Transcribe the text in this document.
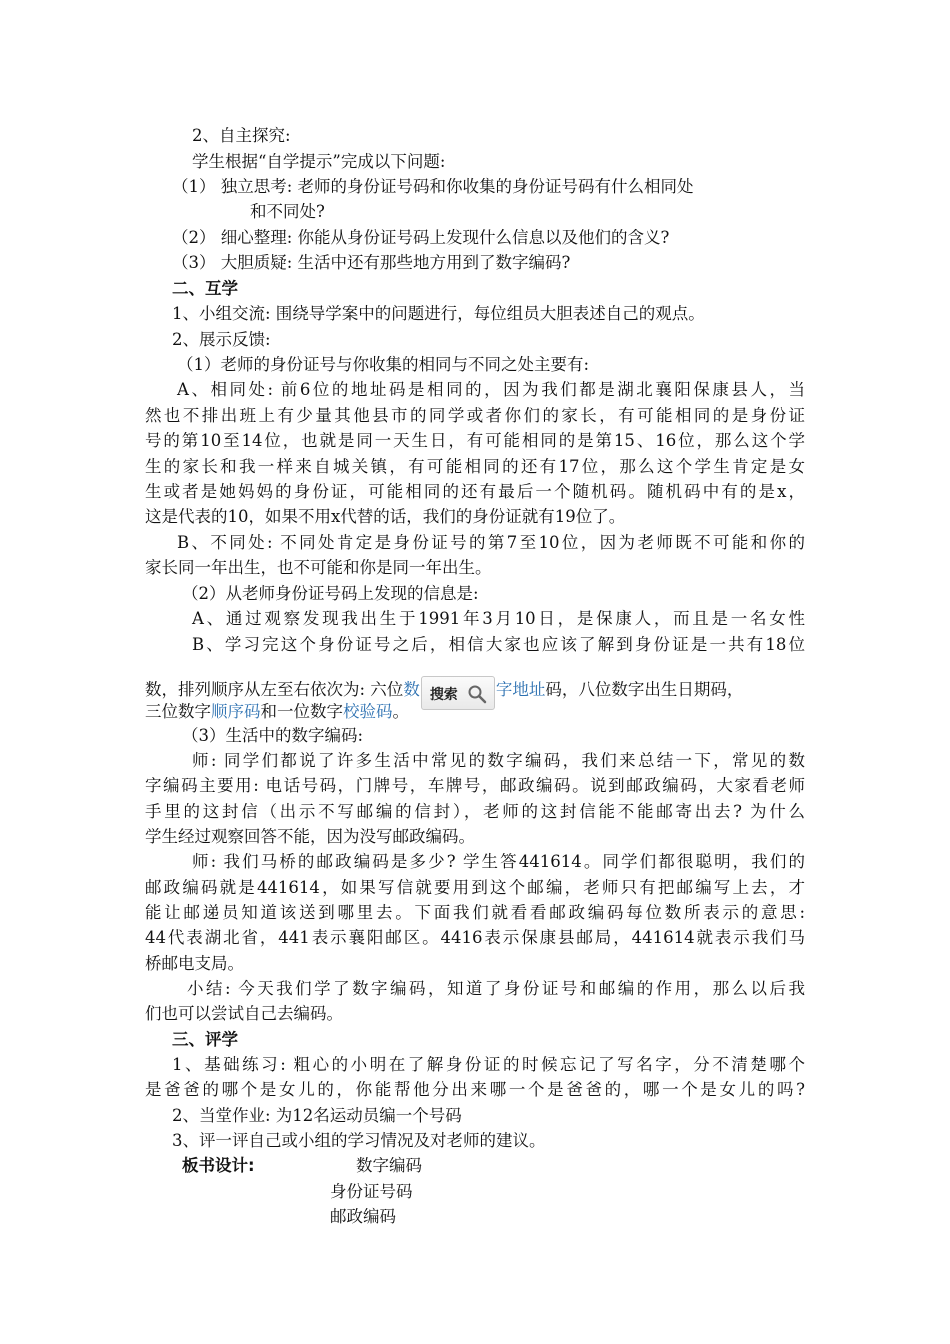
2、自主探究:
学生根据“自学提示”完成以下问题:
（1） 独立思考: 老师的身份证号码和你收集的身份证号码有什么相同处
和不同处?
（2） 细心整理: 你能从身份证号码上发现什么信息以及他们的含义?
（3） 大胆质疑: 生活中还有那些地方用到了数字编码?
二、互学
1、小组交流: 围绕导学案中的问题进行，每位组员大胆表述自己的观点。
2、展示反馈:
（1）老师的身份证号与你收集的相同与不同之处主要有:
A、相同处: 前6位的地址码是相同的，因为我们都是湖北襄阳保康县人，当
然也不排出班上有少量其他县市的同学或者你们的家长，有可能相同的是身份证
号的第10至14位，也就是同一天生日，有可能相同的是第15、16位，那么这个学
生的家长和我一样来自城关镇，有可能相同的还有17位，那么这个学生肯定是女
生或者是她妈妈的身份证，可能相同的还有最后一个随机码。随机码中有的是x，
这是代表的10，如果不用x代替的话，我们的身份证就有19位了。
B、不同处: 不同处肯定是身份证号的第7至10位，因为老师既不可能和你的
家长同一年出生，也不可能和你是同一年出生。
（2）从老师身份证号码上发现的信息是:
A、通过观察发现我出生于1991年3月10日，是保康人，而且是一名女性
B、学习完这个身份证号之后，相信大家也应该了解到身份证是一共有18位
数，排列顺序从左至右依次为: 六位数 搜索 字地址码，八位数字出生日期码，
三位数字顺序码和一位数字校验码。
（3）生活中的数字编码:
师: 同学们都说了许多生活中常见的数字编码，我们来总结一下，常见的数
字编码主要用: 电话号码，门牌号，车牌号，邮政编码。说到邮政编码，大家看老师
手里的这封信（出示不写邮编的信封），老师的这封信能不能邮寄出去? 为什么
学生经过观察回答不能，因为没写邮政编码。
师: 我们马桥的邮政编码是多少? 学生答441614。同学们都很聪明，我们的
邮政编码就是441614，如果写信就要用到这个邮编，老师只有把邮编写上去，才
能让邮递员知道该送到哪里去。下面我们就看看邮政编码每位数所表示的意思:
44代表湖北省，441表示襄阳邮区。4416表示保康县邮局，441614就表示我们马
桥邮电支局。
小结: 今天我们学了数字编码，知道了身份证号和邮编的作用，那么以后我
们也可以尝试自己去编码。
三、评学
1、基础练习: 粗心的小明在了解身份证的时候忘记了写名字，分不清楚哪个
是爸爸的哪个是女儿的，你能帮他分出来哪一个是爸爸的，哪一个是女儿的吗?
2、当堂作业: 为12名运动员编一个号码
3、评一评自己或小组的学习情况及对老师的建议。
板书设计:	数字编码
身份证号码
邮政编码
